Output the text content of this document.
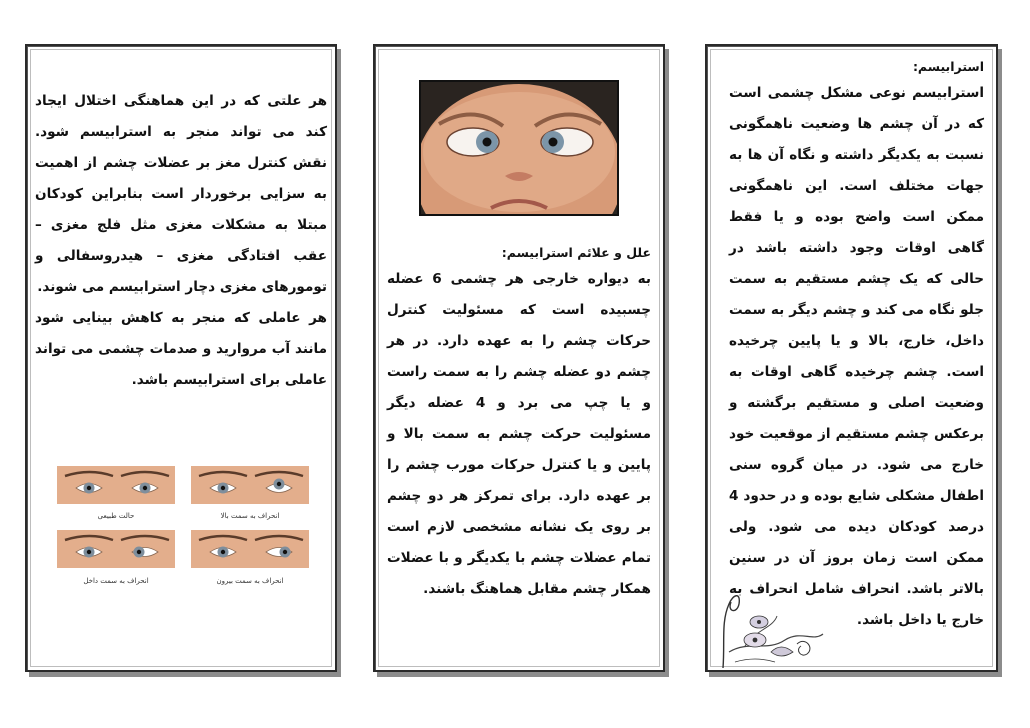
هر علتی که در این هماهنگی اختلال ایجاد کند می تواند منجر به استرابیسم شود. نقش کنترل مغز بر عضلات چشم از اهمیت به سزایی برخوردار است بنابراین کودکان مبتلا به مشکلات مغزی مثل فلج مغزی – عقب افتادگی مغزی – هیدروسفالی و تومورهای مغزی دچار استرابیسم می شوند.

هر عاملی که منجر به کاهش بینایی شود مانند آب مروارید و صدمات چشمی می تواند عاملی برای استرابیسم باشد.

حالت طبیعی	انحراف به سمت بالا
انحراف به سمت داخل	انحراف به سمت بیرون

علل و علائم استرابیسم:

به دیواره خارجی هر چشمی 6 عضله چسبیده است که مسئولیت کنترل حرکات چشم را به عهده دارد. در هر چشم دو عضله چشم را به سمت راست و یا چپ می برد و 4 عضله دیگر مسئولیت حرکت چشم به سمت بالا و پایین و یا کنترل حرکات مورب چشم را بر عهده دارد. برای تمرکز هر دو چشم بر روی یک نشانه مشخصی لازم است تمام عضلات چشم با یکدیگر و با عضلات همکار چشم مقابل هماهنگ باشند.

استرابیسم:

استرابیسم نوعی مشکل چشمی است که در آن چشم ها وضعیت ناهمگونی نسبت به یکدیگر داشته و نگاه آن ها به جهات مختلف است. این ناهمگونی ممکن است واضح بوده و یا فقط گاهی اوقات وجود داشته باشد در حالی که یک چشم مستقیم به سمت جلو نگاه می کند و چشم دیگر به سمت داخل، خارج، بالا و یا پایین چرخیده است. چشم چرخیده گاهی اوقات به وضعیت اصلی و مستقیم برگشته و برعکس چشم مستقیم از موقعیت خود خارج می شود. در میان گروه سنی اطفال مشکلی شایع بوده و در حدود 4 درصد کودکان دیده می شود. ولی ممکن است زمان بروز آن در سنین بالاتر باشد. انحراف شامل انحراف به خارج یا داخل باشد.
